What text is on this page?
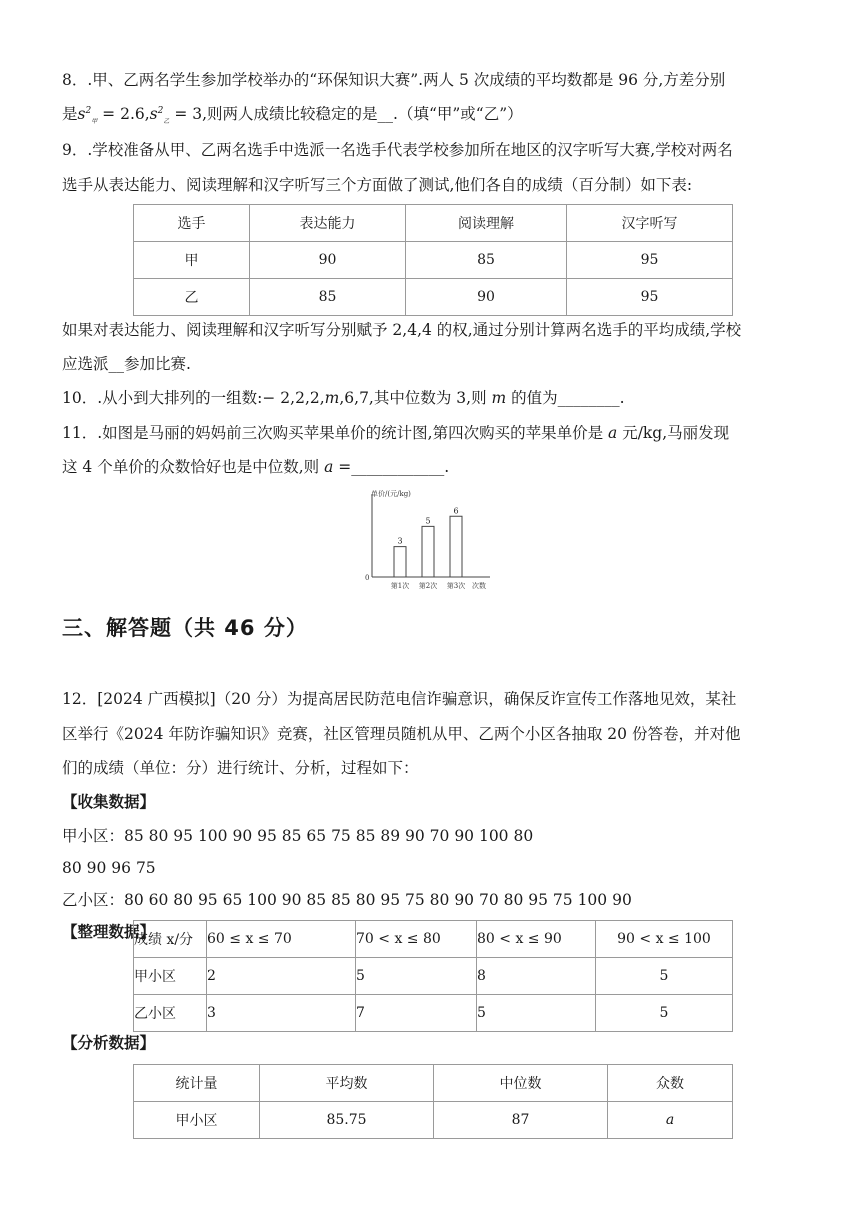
8．.甲、乙两名学生参加学校举办的“环保知识大赛”.两人 5 次成绩的平均数都是 96 分,方差分别
是$s^2_甲 = 2.6,s^2_乙 = 3$,则两人成绩比较稳定的是__.（填“甲”或“乙”）
9．.学校准备从甲、乙两名选手中选派一名选手代表学校参加所在地区的汉字听写大赛,学校对两名
选手从表达能力、阅读理解和汉字听写三个方面做了测试,他们各自的成绩（百分制）如下表:
选手	表达能力	阅读理解	汉字听写
甲	90	85	95
乙	85	90	95
如果对表达能力、阅读理解和汉字听写分别赋予 2,4,4 的权,通过分别计算两名选手的平均成绩,学校
应选派__参加比赛.
10．.从小到大排列的一组数:− 2,2,2,m,6,7,其中位数为 3,则 m 的值为________.
11．.如图是马丽的妈妈前三次购买苹果单价的统计图,第四次购买的苹果单价是 a 元/kg,马丽发现
这 4 个单价的众数恰好也是中位数,则 a =____________.
单价/(元/kg)
0
次数
3
第1次
5
第2次
6
第3次
三、解答题（共 46 分）
12．[2024 广西模拟]（20 分）为提高居民防范电信诈骗意识，确保反诈宣传工作落地见效，某社
区举行《2024 年防诈骗知识》竞赛，社区管理员随机从甲、乙两个小区各抽取 20 份答卷，并对他
们的成绩（单位：分）进行统计、分析，过程如下：
【收集数据】
甲小区：85 80 95 100 90 95 85 65 75 85 89 90 70 90 100 80
80 90 96 75
乙小区：80 60 80 95 65 100 90 85 85 80 95 75 80 90 70 80 95 75 100 90
【整理数据】
成绩 x/分	60 ≤ x ≤ 70	70 < x ≤ 80	80 < x ≤ 90	90 < x ≤ 100
甲小区	2	5	8	5
乙小区	3	7	5	5
【分析数据】
统计量	平均数	中位数	众数
甲小区	85.75	87	a
